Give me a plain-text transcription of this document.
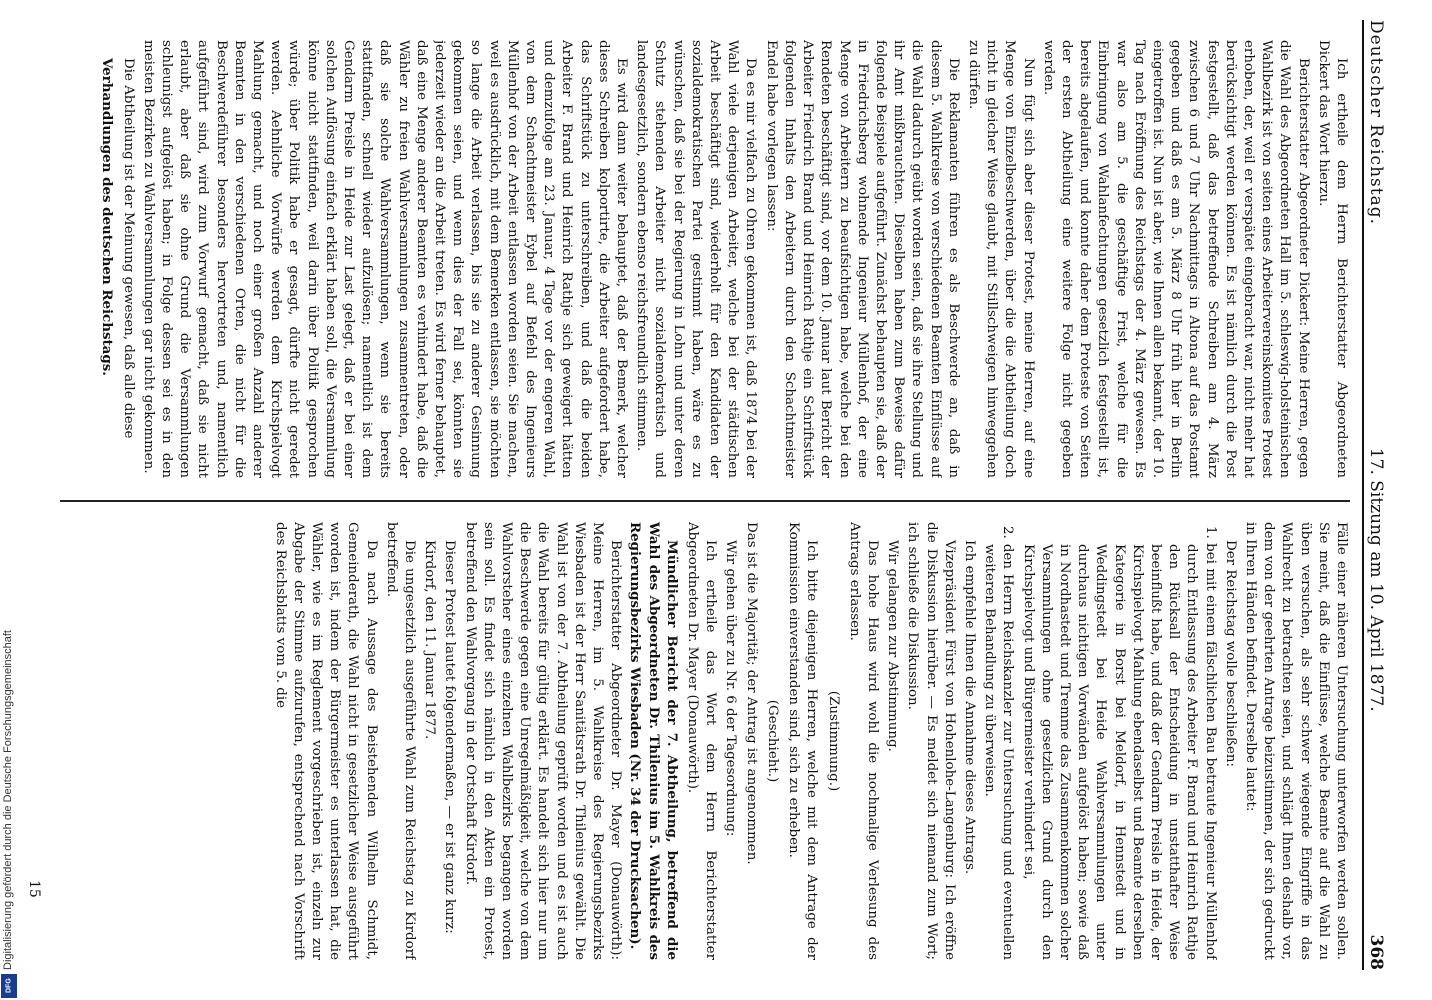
Deutscher Reichstag.
17. Sitzung am 10. April 1877.
368

Ich ertheile dem Herrn Berichterstatter Abgeordneten Dickert das Wort hierzu.

Berichterstatter Abgeordneter Dickert: Meine Herren, gegen die Wahl des Abgeordneten Hall im 5. schleswig-holsteinischen Wahlbezirk ist von seiten eines Arbeitervereinskomitees Protest erhoben, der, weil er verspätet eingebracht war, nicht mehr hat berücksichtigt werden können. Es ist nämlich durch die Post festgestellt, daß das betreffende Schreiben am 4. März zwischen 6 und 7 Uhr Nachmittags in Altona auf das Postamt gegeben und daß es am 5. März 8 Uhr früh hier in Berlin eingetroffen ist. Nun ist aber, wie Ihnen allen bekannt, der 10. Tag nach Eröffnung des Reichstags der 4. März gewesen. Es war also am 5. die geschäftige Frist, welche für die Einbringung von Wahlanfechtungen gesetzlich festgestellt ist, bereits abgelaufen, und konnte daher dem Proteste von Seiten der ersten Abtheilung eine weitere Folge nicht gegeben werden.

Nun fügt sich aber dieser Protest, meine Herren, auf eine Menge von Einzelbeschwerden, über die die Abtheilung doch nicht in gleicher Weise glaubt, mit Stillschweigen hinweggehen zu dürfen.

Die Reklamanten führen es als Beschwerde an, daß in diesem 5. Wahlkreise von verschiedenen Beamten Einflüsse auf die Wahl dadurch geübt worden seien, daß sie ihre Stellung und ihr Amt mißbrauchten. Dieselben haben zum Beweise dafür folgende Beispiele aufgeführt. Zunächst behaupten sie, daß der in Friedrichsberg wohnende Ingenieur Müllenhof, der eine Menge von Arbeitern zu beaufsichtigen habe, welche bei den Rendeten beschäftigt sind, vor dem 10. Januar laut Bericht der Arbeiter Friedrich Brand und Heinrich Rathje ein Schriftstück folgenden Inhalts den Arbeitern durch den Schachtmeister Endel habe vorlegen lassen:

Da es mir vielfach zu Ohren gekommen ist, daß 1874 bei der Wahl viele derjenigen Arbeiter, welche bei der städtischen Arbeit beschäftigt sind, wiederholt für den Kandidaten der sozialdemokratischen Partei gestimmt haben, wäre es zu wünschen, daß sie bei der Regierung in Lohn und unter deren Schutz stehenden Arbeiter nicht sozialdemokratisch und landesgesetzlich, sondern ebenso reichsfreundlich stimmen.

Es wird dann weiter behauptet, daß der Bemerk, welcher dieses Schreiben kolportirte, die Arbeiter aufgefordert habe, das Schriftstück zu unterschreiben, und daß die beiden Arbeiter F. Brand und Heinrich Rathje sich geweigert hätten und demzufolge am 23. Januar, 4 Tage vor der engeren Wahl, von dem Schachtmeister Eybel auf Befehl des Ingenieurs Müllenhof von der Arbeit entlassen worden seien. Sie machen, weil es ausdrücklich, mit dem Bemerken entlassen, sie möchten so lange die Arbeit verlassen, bis sie zu anderer Gesinnung gekommen seien, und wenn dies der Fall sei, könnten sie jederzeit wieder an die Arbeit treten. Es wird ferner behauptet, daß eine Menge anderer Beamten es verhindert habe, daß die Wähler zu freien Wahlversammlungen zusammentreten, oder daß sie solche Wahlversammlungen, wenn sie bereits stattfanden, schnell wieder aufzulösen; namentlich ist dem Gendarm Preisle in Heide zur Last gelegt, daß er bei einer solchen Auflösung einfach erklärt haben soll, die Versammlung könne nicht stattfinden, weil darin über Politik gesprochen würde; über Politik habe er gesagt, dürfte nicht geredet werden. Aehnliche Vorwürfe werden dem Kirchspielvogt Mahlung gemacht, und noch einer großen Anzahl anderer Beamten in den verschiedenen Orten, die nicht für die Beschwerdeführer besonders hervortreten und, namentlich aufgeführt sind, wird zum Vorwurf gemacht, daß sie nicht erlaubt, aber daß sie ohne Grund die Versammlungen schleunigst aufgelöst haben; in Folge dessen sei es in den meisten Bezirken zu Wahlversammlungen gar nicht gekommen.

Die Abtheilung ist der Meinung gewesen, daß alle diese

Verhandlungen des deutschen Reichstags.

Fälle einer näheren Untersuchung unterworfen werden sollen. Sie meint, daß die Einflüsse, welche Beamte auf die Wahl zu üben versuchen, als sehr schwer wiegende Eingriffe in das Wahlrecht zu betrachten seien, und schlägt Ihnen deshalb vor, dem von der geehrten Antrage beizustimmen, der sich gedruckt in Ihren Händen befindet. Derselbe lautet:

Der Reichstag wolle beschließen:

1. bei mit einem fälschlichen Bau betraute Ingenieur Müllenhof durch Entlassung des Arbeiter F. Brand und Heinrich Rathje den Rücksall der Entscheidung in unstatthafter Weise beeinflußt habe, und daß der Gendarm Preisle in Heide, der Kirchspielvogt Mahlung ebendaselbst und Beamte derselben Kategorie in Borst bei Meldorf, in Hennstedt und in Weddingstedt bei Heide Wahlversammlungen unter durchaus nichtigen Vorwänden aufgelöst haben; sowie daß in Nordhastedt und Tremme das Zusammenkommen solcher Versammlungen ohne gesetzlichen Grund durch den Kirchspielvogt und Bürgermeister verhindert sei,

2. den Herrn Reichskanzler zur Untersuchung und eventuellen weiteren Behandlung zu überweisen.

Ich empfehle Ihnen die Annahme dieses Antrags.

Vizepräsident Fürst von Hohenlohe-Langenburg: Ich eröffne die Diskussion hierüber. — Es meldet sich niemand zum Wort; ich schließe die Diskussion.

Wir gelangen zur Abstimmung.

Das hohe Haus wird wohl die nochmalige Verlesung des Antrags erlassen.

(Zustimmung.)

Ich bitte diejenigen Herren, welche mit dem Antrage der Kommission einverstanden sind, sich zu erheben.

(Geschieht.)

Das ist die Majorität; der Antrag ist angenommen.

Wir gehen über zu Nr. 6 der Tagesordnung:

Ich ertheile das Wort dem Herrn Berichterstatter Abgeordneten Dr. Mayer (Donauwörth).

Mündlicher Bericht der 7. Abtheilung, betreffend die Wahl des Abgeordneten Dr. Thilenius im 5. Wahlkreis des Regierungsbezirks Wiesbaden (Nr. 34 der Drucksachen).

Berichterstatter Abgeordneter Dr. Mayer (Donauwörth): Meine Herren, im 5. Wahlkreise des Regierungsbezirks Wiesbaden ist der Herr Sanitätsrath Dr. Thilenius gewählt. Die Wahl ist von der 7. Abtheilung geprüft worden und es ist auch die Wahl bereits für gültig erklärt. Es handelt sich hier nur um die Beschwerde gegen eine Unregelmäßigkeit, welche von dem Wahlvorsteher eines einzelnen Wahlbezirks begangen worden sein soll. Es findet sich nämlich in den Akten ein Protest, betreffend den Wahlvorgang in der Ortschaft Kirdorf.

Dieser Protest lautet folgendermaßen, — er ist ganz kurz:

Kirdorf, den 11. Januar 1877.

Die ungesetzlich ausgeführte Wahl zum Reichstag zu Kirdorf betreffend.

Da nach Aussage des Beistehenden Wilhelm Schmidt, Gemeinderath, die Wahl nicht in gesetzlicher Weise ausgeführt worden ist, indem der Bürgermeister es unterlassen hat, die Wähler, wie es im Reglement vorgeschrieben ist, einzeln zur Abgabe der Stimme aufzurufen, entsprechend nach Vorschrift des Reichsblatts vom 5. die

15
Digitalisierung gefördert durch die Deutsche Forschungsgemeinschaft
DFG
